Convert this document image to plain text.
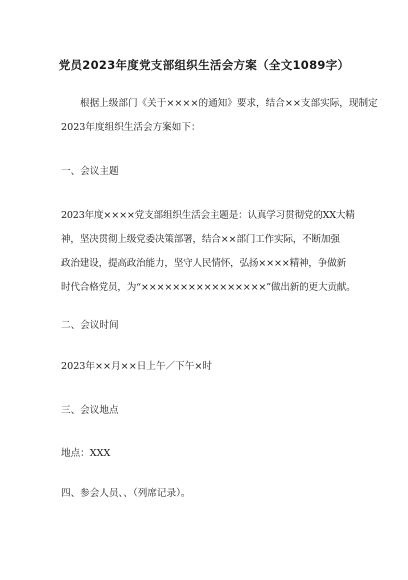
党员2023年度党支部组织生活会方案（全文1089字）
根据上级部门《关于××××的通知》要求，结合××支部实际，现制定
2023年度组织生活会方案如下：
一、会议主题
2023年度××××党支部组织生活会主题是：认真学习贯彻党的XX大精
神，坚决贯彻上级党委决策部署，结合××部门工作实际，不断加强
政治建设，提高政治能力，坚守人民情怀，弘扬××××精神，争做新
时代合格党员，为“××××××××××××××××”做出新的更大贡献。
二、会议时间
2023年××月××日上午／下午×时
三、会议地点
地点：XXX
四、参会人员、、（列席记录）。
